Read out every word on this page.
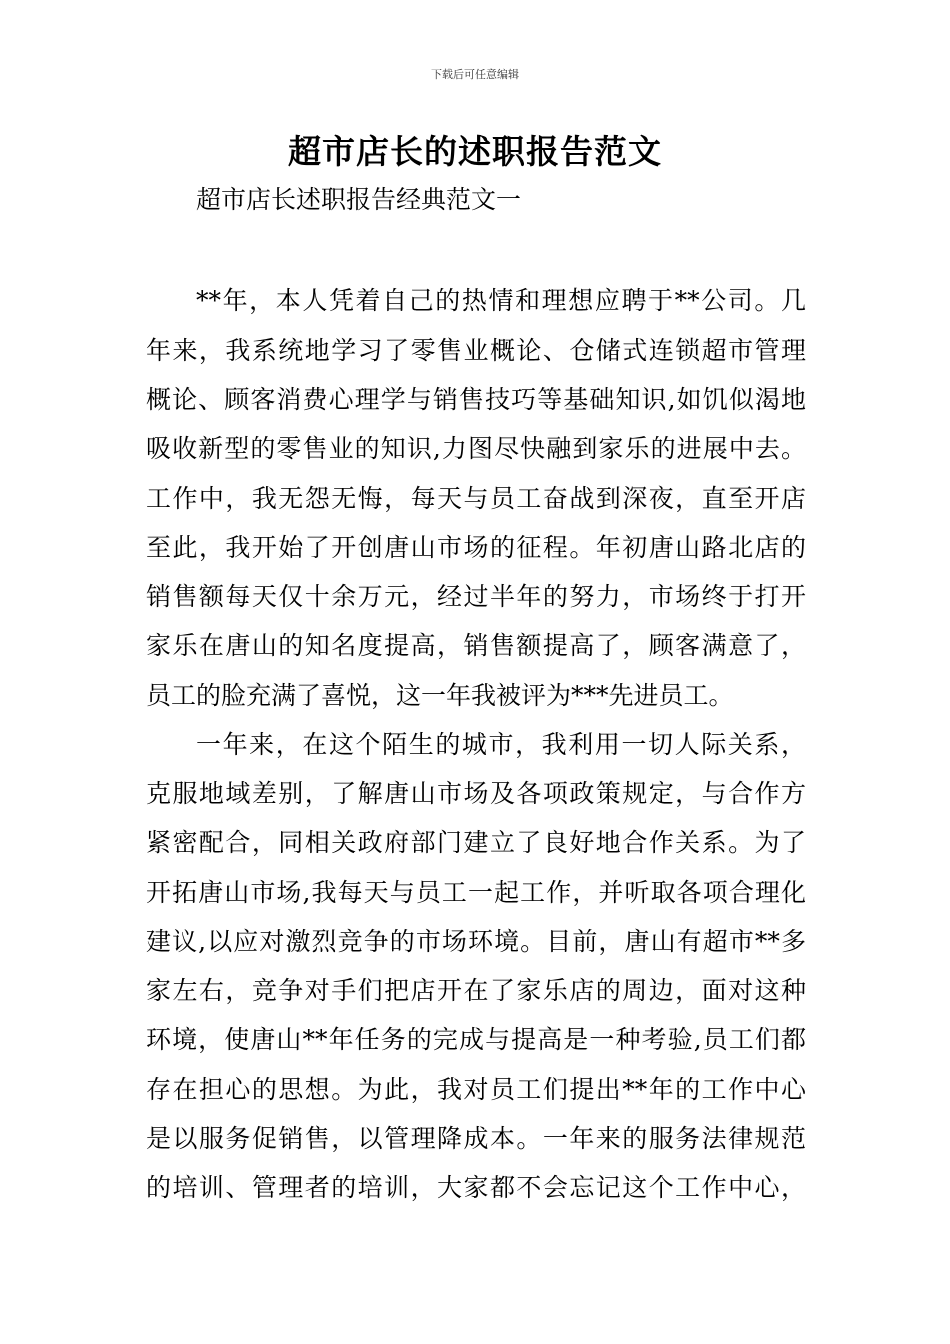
下载后可任意编辑
超市店长的述职报告范文
超市店长述职报告经典范文一
**年，本人凭着自己的热情和理想应聘于**公司。几
年来，我系统地学习了零售业概论、仓储式连锁超市管理
概论、顾客消费心理学与销售技巧等基础知识,如饥似渴地
吸收新型的零售业的知识,力图尽快融到家乐的进展中去。
工作中，我无怨无悔，每天与员工奋战到深夜，直至开店
至此，我开始了开创唐山市场的征程。年初唐山路北店的
销售额每天仅十余万元，经过半年的努力，市场终于打开
家乐在唐山的知名度提高，销售额提高了，顾客满意了，
员工的脸充满了喜悦，这一年我被评为***先进员工。
一年来，在这个陌生的城市，我利用一切人际关系，
克服地域差别，了解唐山市场及各项政策规定，与合作方
紧密配合，同相关政府部门建立了良好地合作关系。为了
开拓唐山市场,我每天与员工一起工作，并听取各项合理化
建议,以应对激烈竞争的市场环境。目前，唐山有超市**多
家左右，竞争对手们把店开在了家乐店的周边，面对这种
环境，使唐山**年任务的完成与提高是一种考验,员工们都
存在担心的思想。为此，我对员工们提出**年的工作中心
是以服务促销售，以管理降成本。一年来的服务法律规范
的培训、管理者的培训，大家都不会忘记这个工作中心，
